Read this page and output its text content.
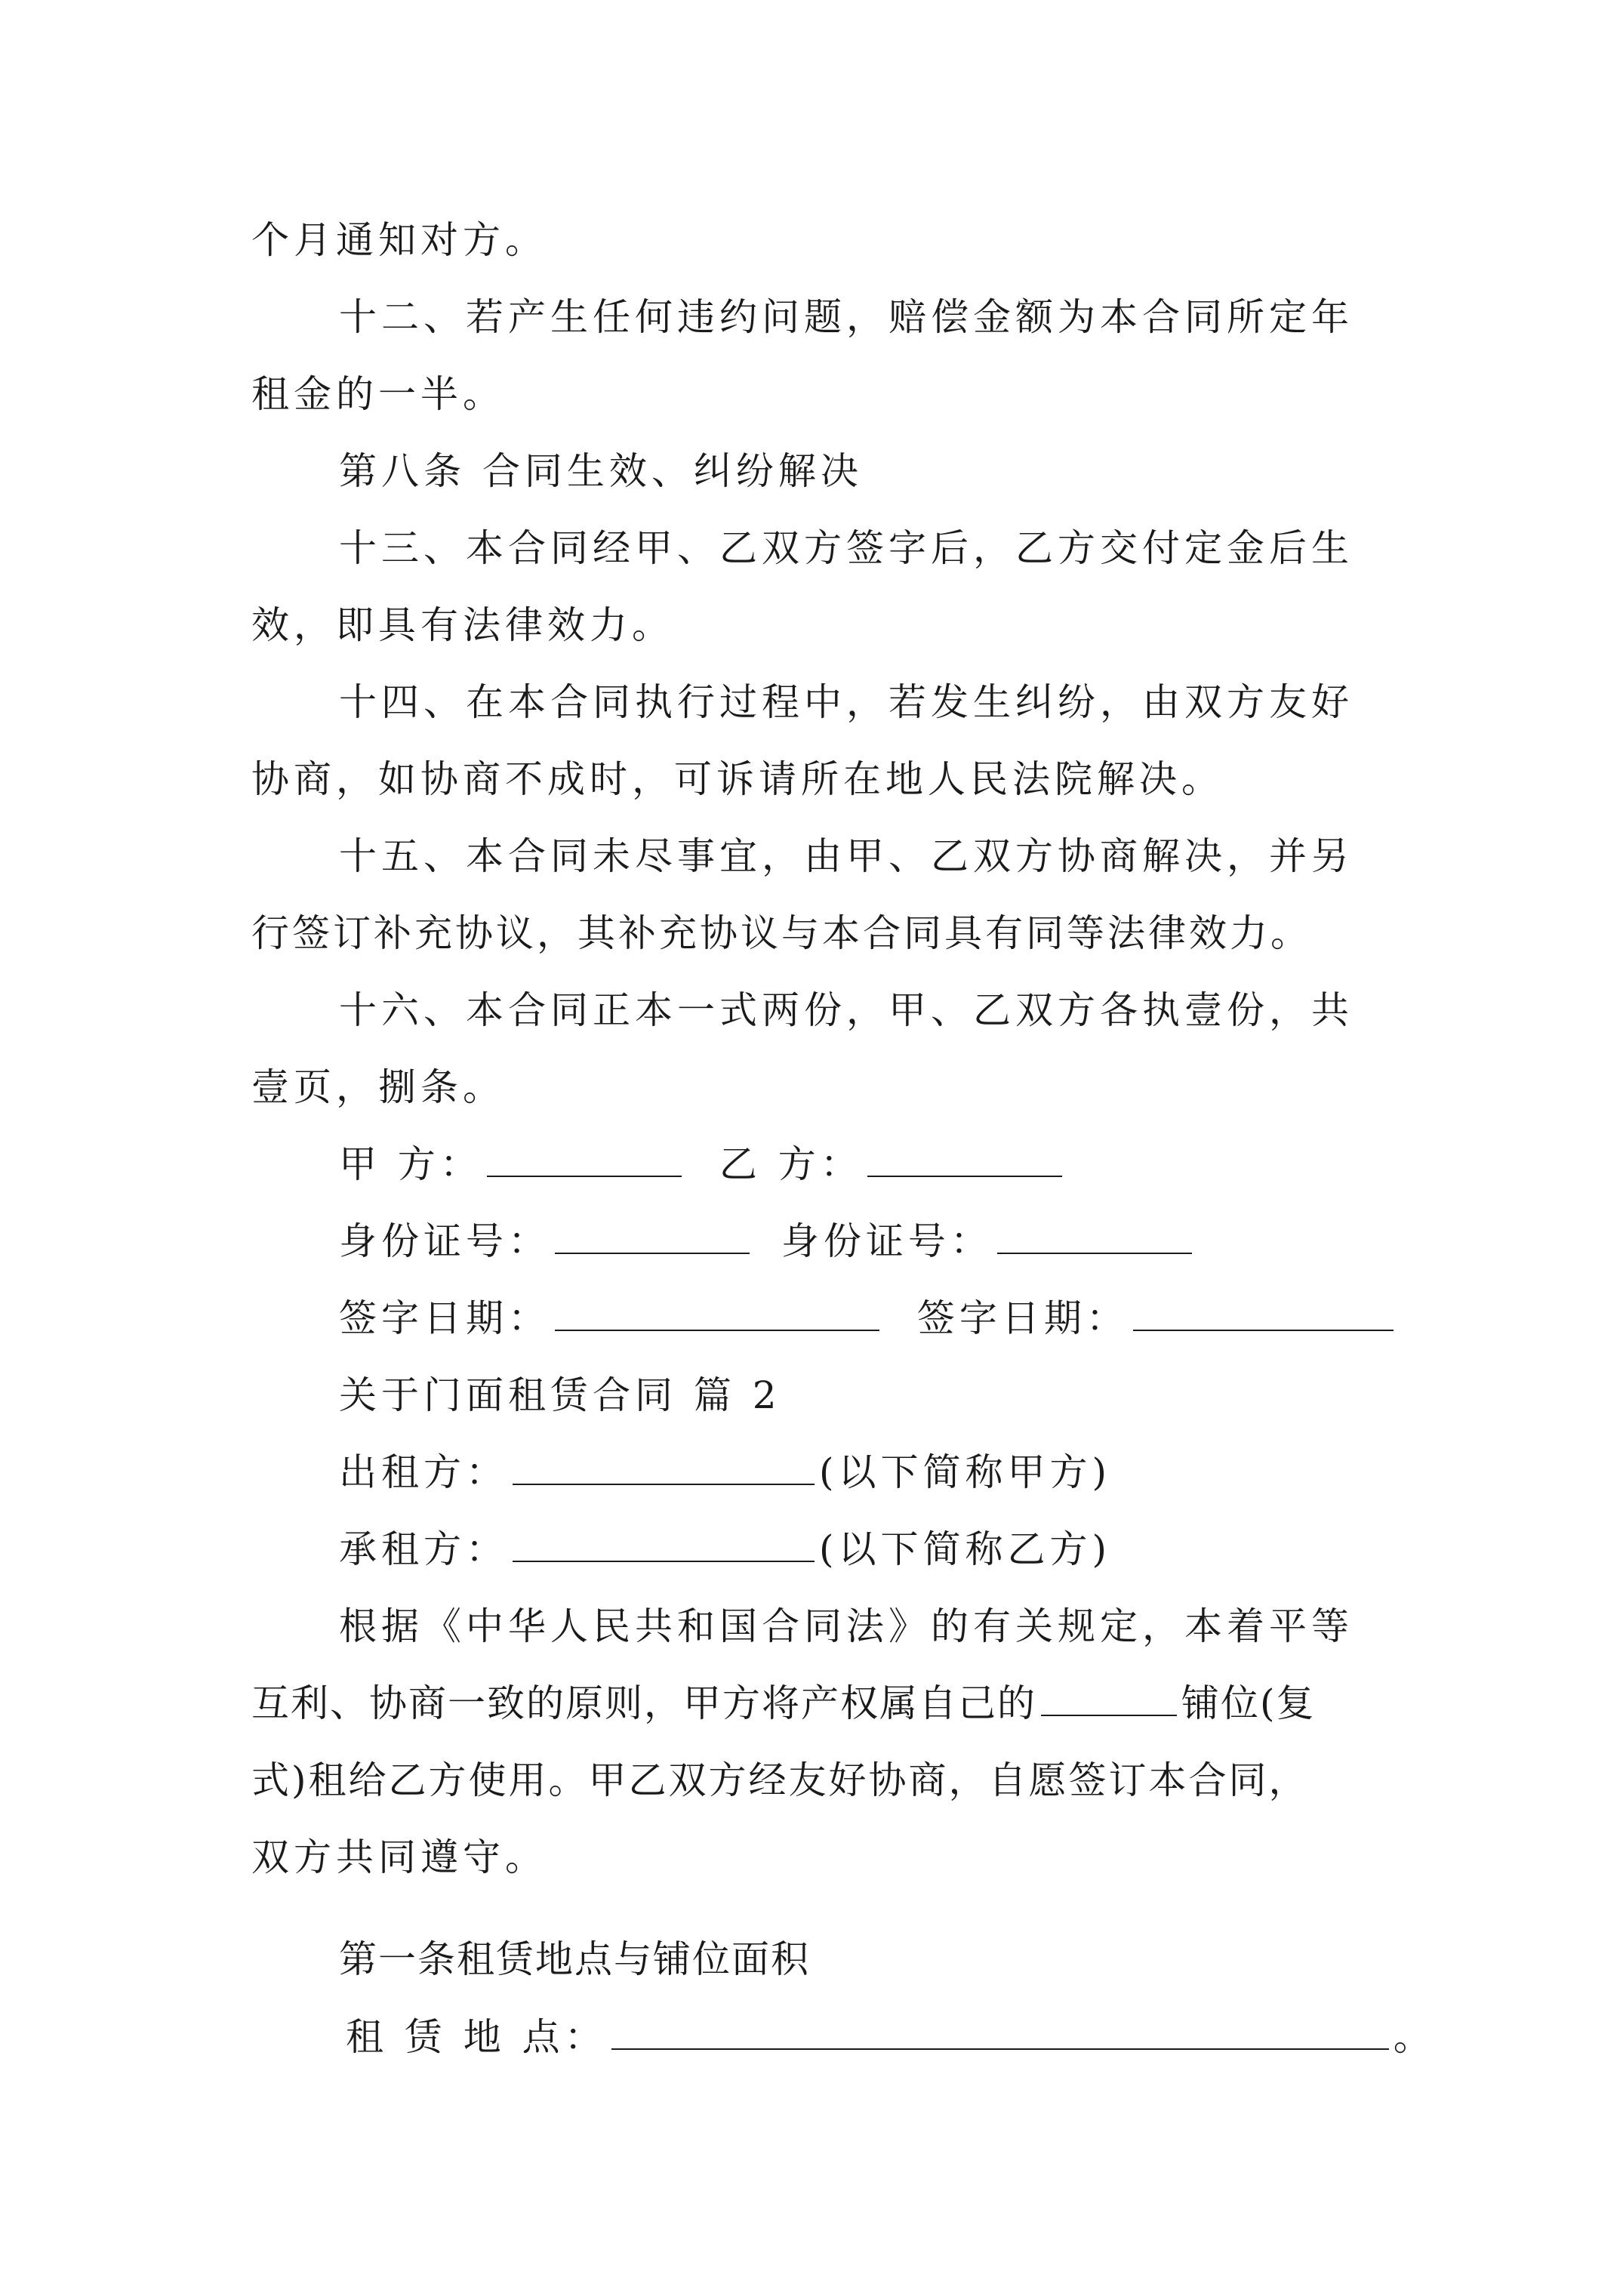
个月通知对方。
十二、若产生任何违约问题，赔偿金额为本合同所定年
租金的一半。
第八条 合同生效、纠纷解决
十三、本合同经甲、乙双方签字后，乙方交付定金后生
效，即具有法律效力。
十四、在本合同执行过程中，若发生纠纷，由双方友好
协商，如协商不成时，可诉请所在地人民法院解决。
十五、本合同未尽事宜，由甲、乙双方协商解决，并另
行签订补充协议，其补充协议与本合同具有同等法律效力。
十六、本合同正本一式两份，甲、乙双方各执壹份，共
壹页，捌条。
甲 方：	乙 方：
身份证号：	身份证号：
签字日期：	签字日期：
关于门面租赁合同 篇 2
出租方：	(以下简称甲方)
承租方：	(以下简称乙方)
根据《中华人民共和国合同法》的有关规定，本着平等
互利、协商一致的原则，甲方将产权属自己的	铺位(复
式)租给乙方使用。甲乙双方经友好协商，自愿签订本合同，
双方共同遵守。
第一条租赁地点与铺位面积
租 赁 地 点：	。
